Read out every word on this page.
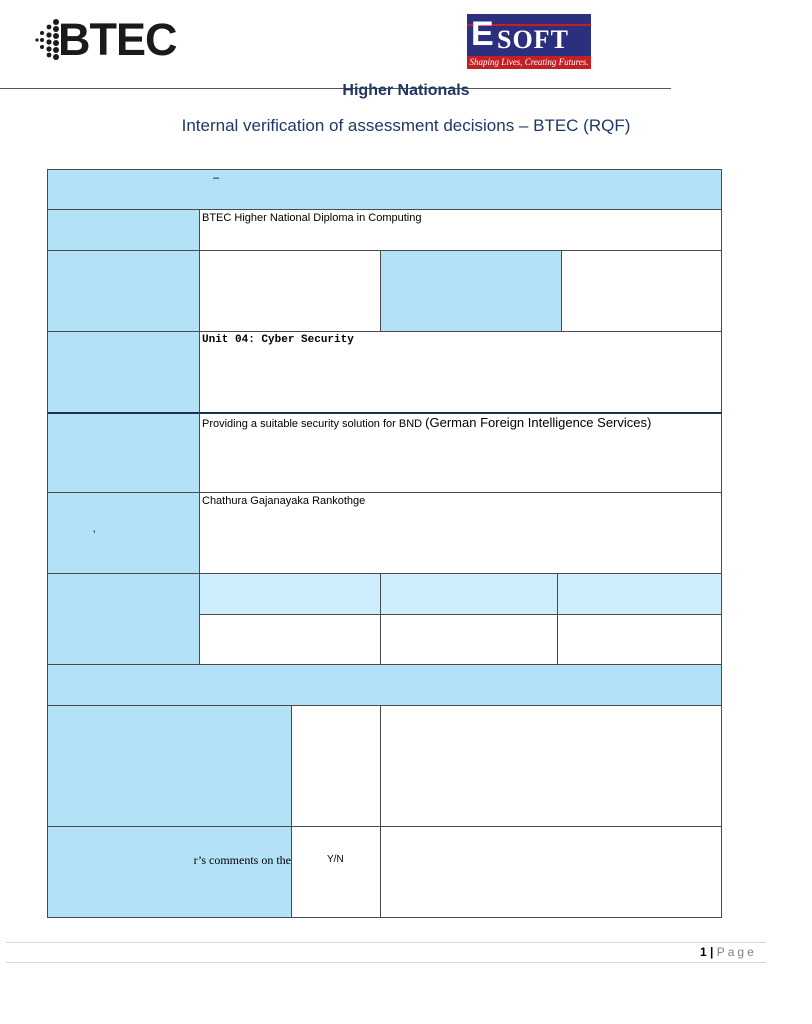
BTEC	E SOFT
Shaping Lives, Creating Futures.
Higher Nationals
Internal verification of assessment decisions – BTEC (RQF)
–
BTEC Higher National Diploma in Computing
Unit 04: Cyber Security
Providing a suitable security solution for BND (German Foreign Intelligence Services)
’
Chathura Gajanayaka Rankothge
r’s comments on the	Y/N
1 | Page
